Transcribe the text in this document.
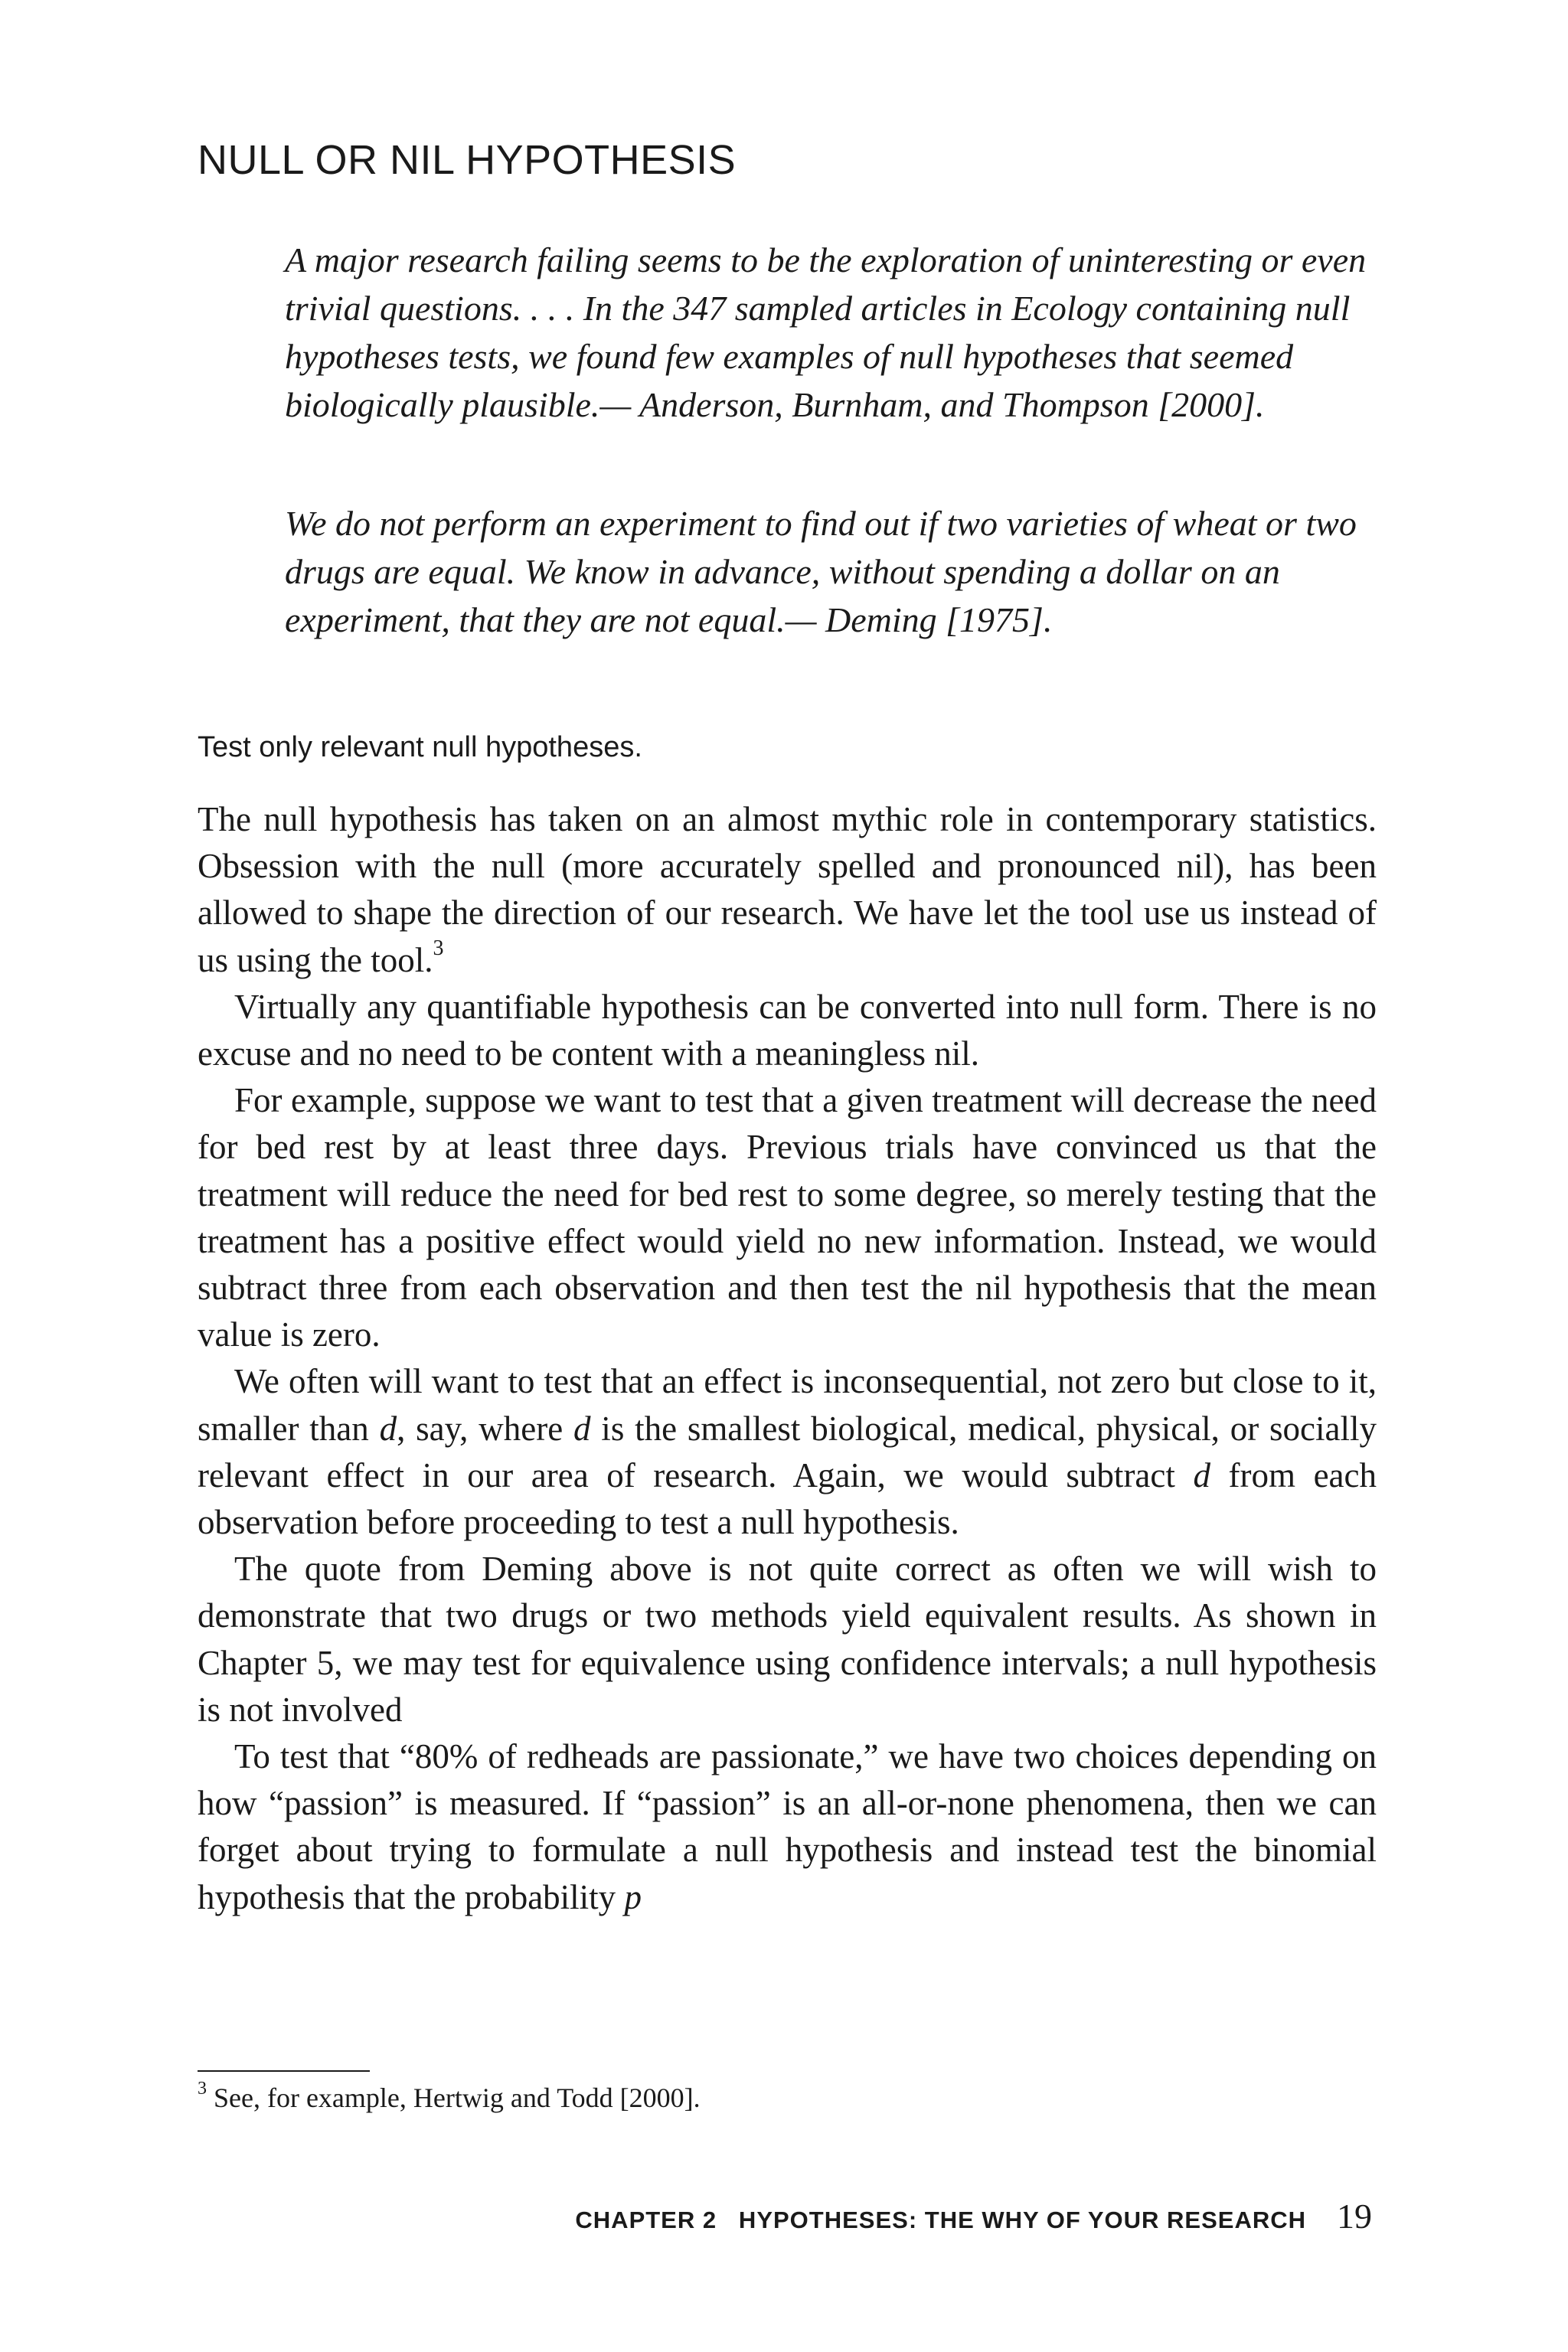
NULL OR NIL HYPOTHESIS

A major research failing seems to be the exploration of uninteresting or even trivial questions. . . . In the 347 sampled articles in Ecology containing null hypotheses tests, we found few examples of null hypotheses that seemed biologically plausible.— Anderson, Burnham, and Thompson [2000].

We do not perform an experiment to find out if two varieties of wheat or two drugs are equal. We know in advance, without spending a dollar on an experiment, that they are not equal.— Deming [1975].

Test only relevant null hypotheses.

The null hypothesis has taken on an almost mythic role in contemporary statistics. Obsession with the null (more accurately spelled and pronounced nil), has been allowed to shape the direction of our research. We have let the tool use us instead of us using the tool.$^3$

Virtually any quantifiable hypothesis can be converted into null form. There is no excuse and no need to be content with a meaningless nil.

For example, suppose we want to test that a given treatment will decrease the need for bed rest by at least three days. Previous trials have convinced us that the treatment will reduce the need for bed rest to some degree, so merely testing that the treatment has a positive effect would yield no new information. Instead, we would subtract three from each observation and then test the nil hypothesis that the mean value is zero.

We often will want to test that an effect is inconsequential, not zero but close to it, smaller than d, say, where d is the smallest biological, medical, physical, or socially relevant effect in our area of research. Again, we would subtract d from each observation before proceeding to test a null hypothesis.

The quote from Deming above is not quite correct as often we will wish to demonstrate that two drugs or two methods yield equivalent results. As shown in Chapter 5, we may test for equivalence using confidence intervals; a null hypothesis is not involved

To test that “80% of redheads are passionate,” we have two choices depending on how “passion” is measured. If “passion” is an all-or-none phenomena, then we can forget about trying to formulate a null hypothesis and instead test the binomial hypothesis that the probability p

$^3$ See, for example, Hertwig and Todd [2000].

CHAPTER 2   HYPOTHESES: THE WHY OF YOUR RESEARCH 19
